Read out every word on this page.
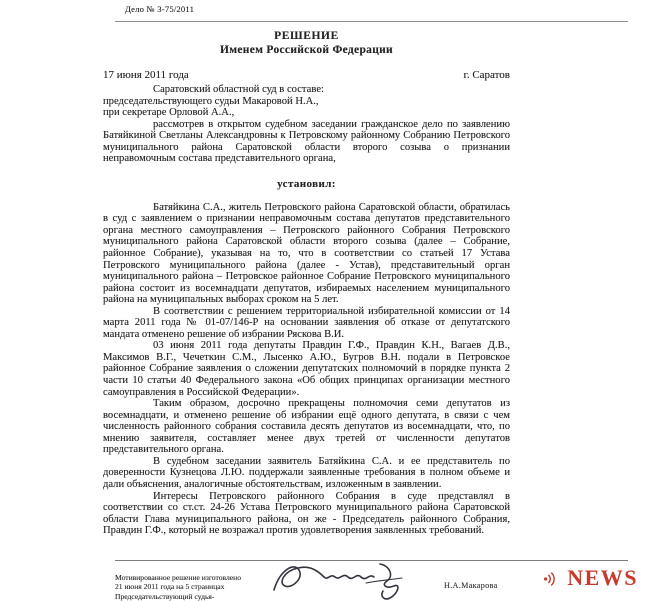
Дело № 3-75/2011
РЕШЕНИЕ
Именем Российской Федерации
17 июня 2011 года	г. Саратов
Саратовский областной суд в составе:
председательствующего судьи Макаровой Н.А.,
при секретаре Орловой А.А.,

рассмотрев в открытом судебном заседании гражданское дело по заявлению Батяйкиной Светланы Александровны к Петровскому районному Собранию Петровского муниципального района Саратовской области второго созыва о признании неправомочным состава представительного органа,

установил:

Батяйкина С.А., житель Петровского района Саратовской области, обратилась в суд с заявлением о признании неправомочным состава депутатов представительного органа местного самоуправления – Петровского районного Собрания Петровского муниципального района Саратовской области второго созыва (далее – Собрание, районное Собрание), указывая на то, что в соответствии со статьей 17 Устава Петровского муниципального района (далее - Устав), представительный орган муниципального района – Петровское районное Собрание Петровского муниципального района состоит из восемнадцати депутатов, избираемых населением муниципального района на муниципальных выборах сроком на 5 лет.

В соответствии с решением территориальной избирательной комиссии от 14 марта 2011 года № 01-07/146-Р на основании заявления об отказе от депутатского мандата отменено решение об избрании Ряскова В.И.

03 июня 2011 года депутаты Правдин Г.Ф., Правдин К.Н., Вагаев Д.В., Максимов В.Г., Чечеткин С.М., Лысенко А.Ю., Бугров В.Н. подали в Петровское районное Собрание заявления о сложении депутатских полномочий в порядке пункта 2 части 10 статьи 40 Федерального закона «Об общих принципах организации местного самоуправления в Российской Федерации».

Таким образом, досрочно прекращены полномочия семи депутатов из восемнадцати, и отменено решение об избрании ещё одного депутата, в связи с чем численность районного собрания составила десять депутатов из восемнадцати, что, по мнению заявителя, составляет менее двух третей от численности депутатов представительного органа.

В судебном заседании заявитель Батяйкина С.А. и ее представитель по доверенности Кузнецова Л.Ю. поддержали заявленные требования в полном объеме и дали объяснения, аналогичные обстоятельствам, изложенным в заявлении.

Интересы Петровского районного Собрания в суде представлял в соответствии со ст.ст. 24-26 Устава Петровского муниципального района Саратовской области Глава муниципального района, он же - Председатель районного Собрания, Правдин Г.Ф., который не возражал против удовлетворения заявленных требований.

Мотивированное решение изготовлено
21 июня 2011 года на 5 страницах
Председательствующий судья-
Н.А.Макарова	NEWS
